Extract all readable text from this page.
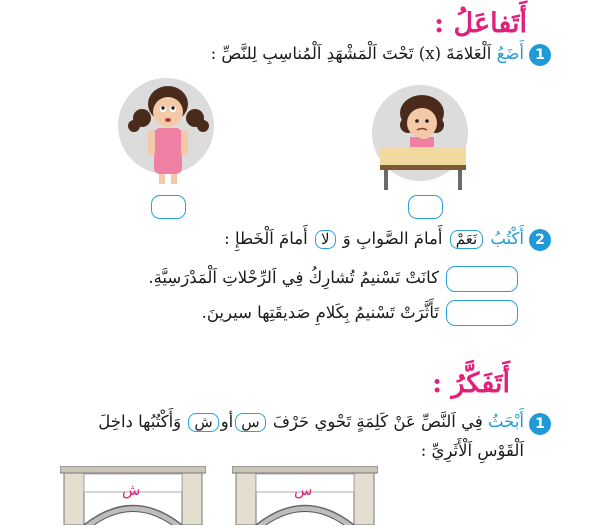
أَتَفاعَلُ :
1
أَضَعُ اَلْعَلامَةَ (x) تَحْتَ اَلْمَشْهَدِ اَلْمُناسِبِ لِلنَّصِّ :
2
أَكْتُبُ نَعَمْ أَمامَ الصَّوابِ وَ لا أَمامَ اَلْخَطإِ :
كانَتْ تَسْنيمُ تُشارِكُ فِي اَلرِّحْلاتِ اَلْمَدْرَسِيَّةِ.
تَأَثَّرَتْ تَسْنيمُ بِكَلامِ صَديقَتِها سيرينَ.
أَتَفَكَّرُ :
1
أَبْحَثُ فِي اَلنَّصِّ عَنْ كَلِمَةٍ تَحْوي حَرْفَ سأوش وَأَكْتُبُها داخِلَ
اَلْقَوْسِ اَلْأَثَرِيِّ :
س
ش
